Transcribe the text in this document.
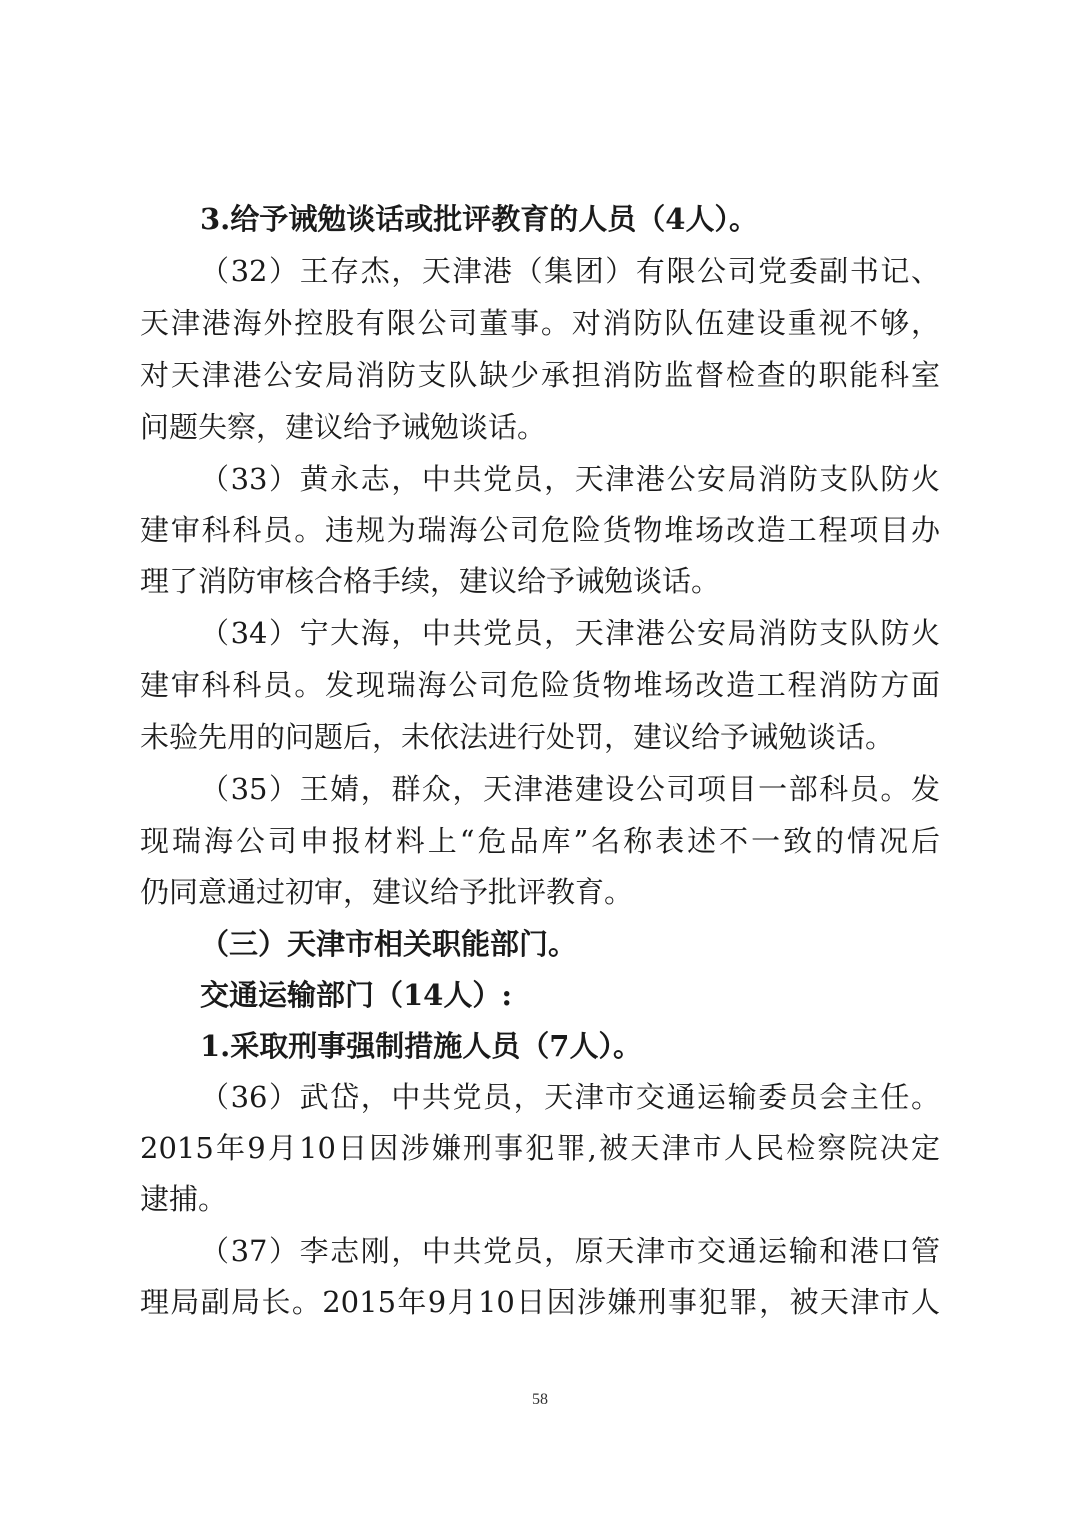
3.给予诫勉谈话或批评教育的人员（4人）。
（32）王存杰，天津港（集团）有限公司党委副书记、
天津港海外控股有限公司董事。对消防队伍建设重视不够，
对天津港公安局消防支队缺少承担消防监督检查的职能科室
问题失察，建议给予诫勉谈话。
（33）黄永志，中共党员，天津港公安局消防支队防火
建审科科员。违规为瑞海公司危险货物堆场改造工程项目办
理了消防审核合格手续，建议给予诫勉谈话。
（34）宁大海，中共党员，天津港公安局消防支队防火
建审科科员。发现瑞海公司危险货物堆场改造工程消防方面
未验先用的问题后，未依法进行处罚，建议给予诫勉谈话。
（35）王婧，群众，天津港建设公司项目一部科员。发
现瑞海公司申报材料上“危品库”名称表述不一致的情况后
仍同意通过初审，建议给予批评教育。
（三）天津市相关职能部门。
交通运输部门（14人）:
1.采取刑事强制措施人员（7人）。
（36）武岱，中共党员，天津市交通运输委员会主任。
2015年9月10日因涉嫌刑事犯罪,被天津市人民检察院决定
逮捕。
（37）李志刚，中共党员，原天津市交通运输和港口管
理局副局长。2015年9月10日因涉嫌刑事犯罪，被天津市人
58
